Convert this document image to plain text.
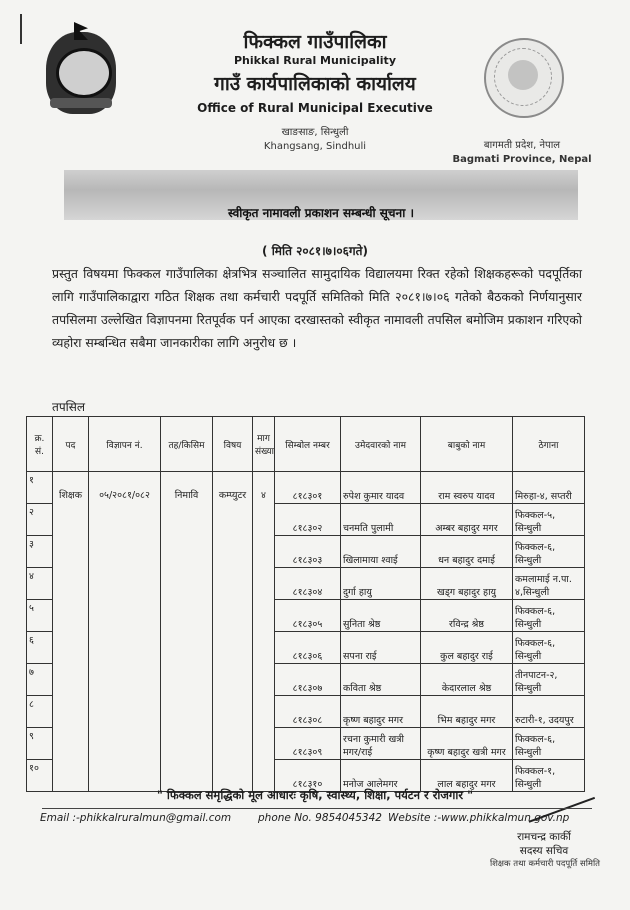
फिक्कल गाउँपालिका
Phikkal Rural Municipality
गाउँ कार्यपालिकाको कार्यालय
Office of Rural Municipal Executive
खाङसाङ, सिन्धुली
Khangsang, Sindhuli	बागमती प्रदेश, नेपाल
Bagmati Province, Nepal
स्वीकृत नामावली प्रकाशन सम्बन्धी सूचना ।
( मिति २०८१।७।०६गते)
प्रस्तुत विषयमा फिक्कल गाउँपालिका क्षेत्रभित्र सञ्चालित सामुदायिक विद्यालयमा रिक्त रहेको शिक्षकहरूको पदपूर्तिका लागि गाउँपालिकाद्वारा गठित शिक्षक तथा कर्मचारी पदपूर्ति समितिको मिति २०८१।७।०६ गतेको बैठकको निर्णयानुसार तपसिलमा उल्लेखित विज्ञापनमा रितपूर्वक पर्न आएका दरखास्तको स्वीकृत नामावली तपसिल बमोजिम प्रकाशन गरिएको व्यहोरा सम्बन्धित सबैमा जानकारीका लागि अनुरोध छ ।
तपसिल
क्र. सं.	पद	विज्ञापन नं.	तह/किसिम	विषय	माग संख्या	सिम्बोल नम्बर	उमेदवारको नाम	बाबुको नाम	ठेगाना
१	शिक्षक	०५/२०८१/०८२	निमावि	कम्प्युटर	४	८१८३०१	रुपेश कुमार यादव	राम स्वरुप यादव	मिरुहा-४, सप्तरी
२						८१८३०२	चनमति पुलामी	अम्बर बहादुर मगर	फिक्कल-५, सिन्धुली
३						८१८३०३	खिलामाया श्वाई	धन बहादुर दमाई	फिक्कल-६, सिन्धुली
४						८१८३०४	दुर्गा हायु	खड्ग बहादुर हायु	कमलामाई न.पा. ४,सिन्धुली
५						८१८३०५	सुनिता श्रेष्ठ	रविन्द्र श्रेष्ठ	फिक्कल-६, सिन्धुली
६						८१८३०६	सपना राई	कुल बहादुर राई	फिक्कल-६, सिन्धुली
७						८१८३०७	कविता श्रेष्ठ	केदारलाल श्रेष्ठ	तीनपाटन-२, सिन्धुली
८						८१८३०८	कृष्ण बहादुर मगर	भिम बहादुर मगर	रुटारी-१, उदयपुर
९						८१८३०९	रचना कुमारी खत्री मगर/राई	कृष्ण बहादुर खत्री मगर	फिक्कल-६, सिन्धुली
१०						८१८३१०	मनोज आलेमगर	लाल बहादुर मगर	फिक्कल-१, सिन्धुली
" फिक्कल समृद्धिको मूल आधारः कृषि, स्वास्थ्य, शिक्षा, पर्यटन र रोजगार "
Email :-phikkalruralmun@gmail.com	phone No. 9854045342 Website :-www.phikkalmun.gov.np
रामचन्द्र कार्की
सदस्य सचिव
शिक्षक तथा कर्मचारी पदपूर्ति समिति
